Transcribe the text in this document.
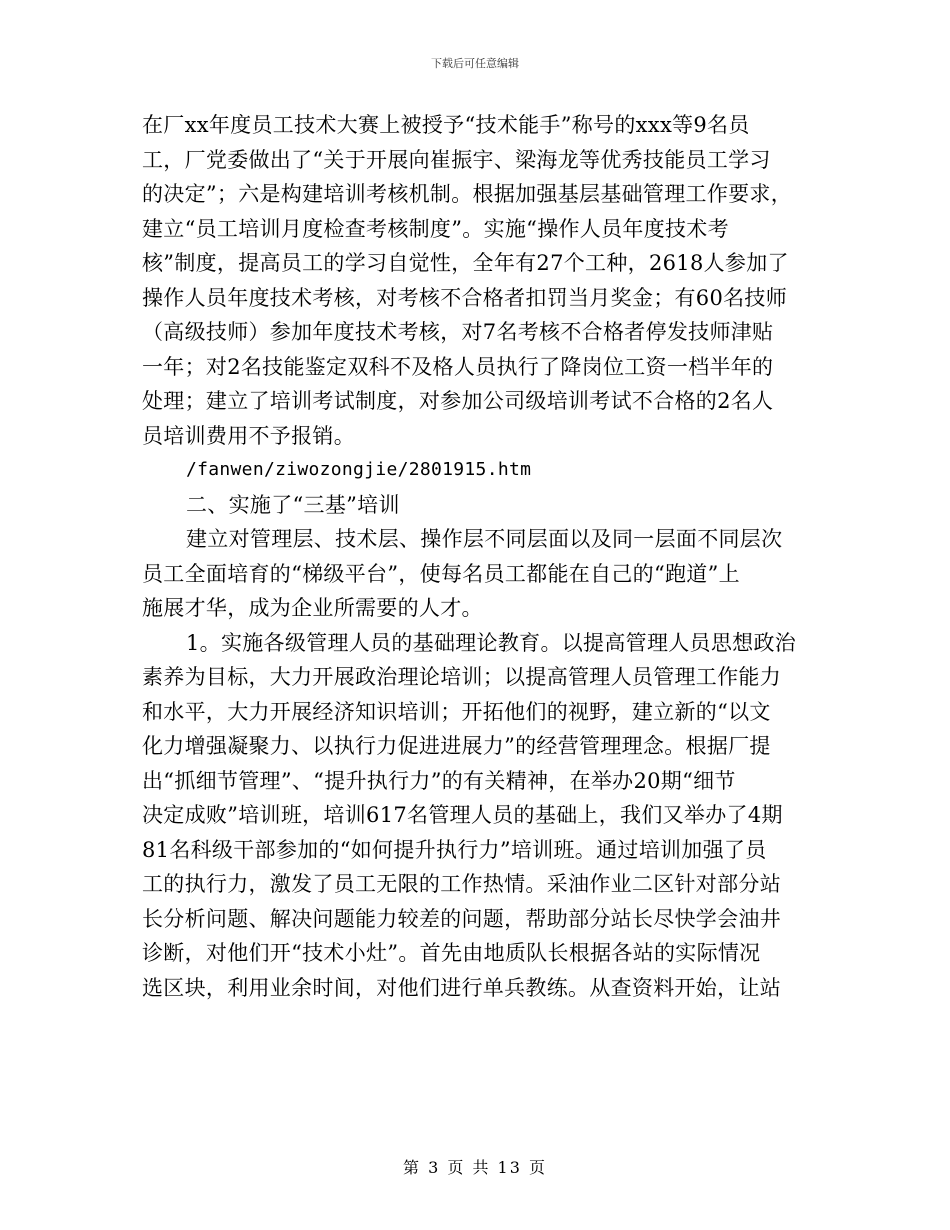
下载后可任意编辑
在厂xx年度员工技术大赛上被授予“技术能手”称号的xxx等9名员
工，厂党委做出了“关于开展向崔振宇、梁海龙等优秀技能员工学习
的决定”；六是构建培训考核机制。根据加强基层基础管理工作要求，
建立“员工培训月度检查考核制度”。实施“操作人员年度技术考
核”制度，提高员工的学习自觉性，全年有27个工种，2618人参加了
操作人员年度技术考核，对考核不合格者扣罚当月奖金；有60名技师
（高级技师）参加年度技术考核，对7名考核不合格者停发技师津贴
一年；对2名技能鉴定双科不及格人员执行了降岗位工资一档半年的
处理；建立了培训考试制度，对参加公司级培训考试不合格的2名人
员培训费用不予报销。
/fanwen/ziwozongjie/2801915.htm
二、实施了“三基”培训
建立对管理层、技术层、操作层不同层面以及同一层面不同层次
员工全面培育的“梯级平台”，使每名员工都能在自己的“跑道”上
施展才华，成为企业所需要的人才。
1。实施各级管理人员的基础理论教育。以提高管理人员思想政治
素养为目标，大力开展政治理论培训；以提高管理人员管理工作能力
和水平，大力开展经济知识培训；开拓他们的视野，建立新的“以文
化力增强凝聚力、以执行力促进进展力”的经营管理理念。根据厂提
出“抓细节管理”、“提升执行力”的有关精神，在举办20期“细节
决定成败”培训班，培训617名管理人员的基础上，我们又举办了4期
81名科级干部参加的“如何提升执行力”培训班。通过培训加强了员
工的执行力，激发了员工无限的工作热情。采油作业二区针对部分站
长分析问题、解决问题能力较差的问题，帮助部分站长尽快学会油井
诊断，对他们开“技术小灶”。首先由地质队长根据各站的实际情况
选区块，利用业余时间，对他们进行单兵教练。从查资料开始，让站
第 3 页 共 13 页
